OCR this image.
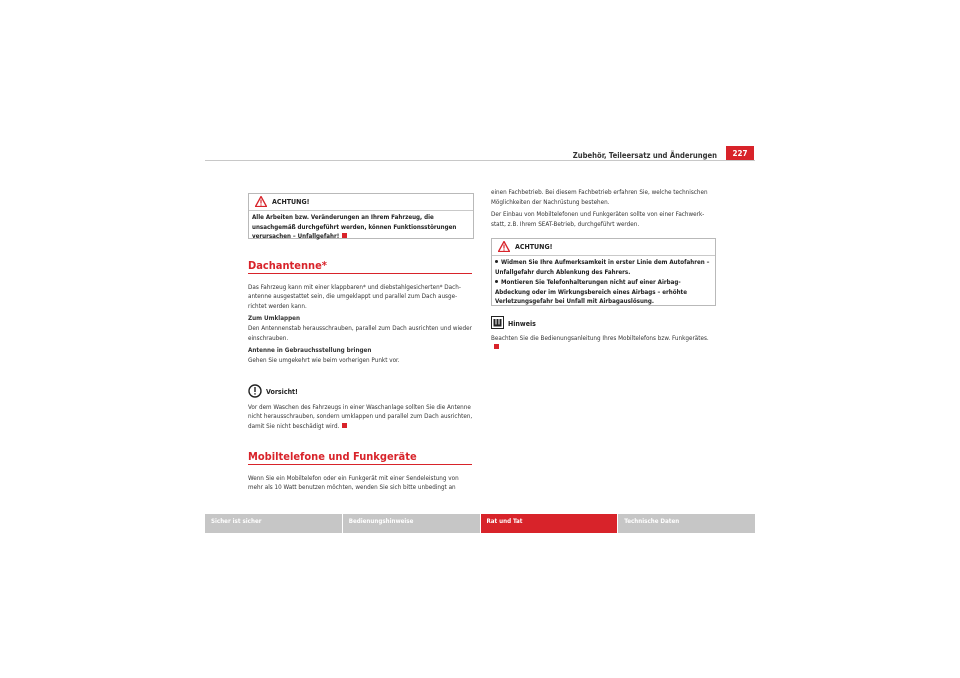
Zubehör, Teileersatz und Änderungen	227
ACHTUNG!
Alle Arbeiten bzw. Veränderungen an Ihrem Fahrzeug, die unsachgemäß durchgeführt werden, können Funktionsstörungen verursachen – Unfallgefahr!
Dachantenne*

Das Fahrzeug kann mit einer klappbaren* und diebstahlgesicherten* Dach-antenne ausgestattet sein, die umgeklappt und parallel zum Dach ausge-richtet werden kann.

Zum Umklappen

Den Antennenstab herausschrauben, parallel zum Dach ausrichten und wieder einschrauben.

Antenne in Gebrauchsstellung bringen

Gehen Sie umgekehrt wie beim vorherigen Punkt vor.

Vorsicht!

Vor dem Waschen des Fahrzeugs in einer Waschanlage sollten Sie die Antenne nicht herausschrauben, sondern umklappen und parallel zum Dach ausrichten, damit Sie nicht beschädigt wird.

Mobiltelefone und Funkgeräte

Wenn Sie ein Mobiltelefon oder ein Funkgerät mit einer Sendeleistung von mehr als 10 Watt benutzen möchten, wenden Sie sich bitte unbedingt an

einen Fachbetrieb. Bei diesem Fachbetrieb erfahren Sie, welche technischen Möglichkeiten der Nachrüstung bestehen.

Der Einbau von Mobiltelefonen und Funkgeräten sollte von einer Fachwerk-statt, z.B. Ihrem SEAT-Betrieb, durchgeführt werden.

ACHTUNG!
Widmen Sie Ihre Aufmerksamkeit in erster Linie dem Autofahren – Unfallgefahr durch Ablenkung des Fahrers.
Montieren Sie Telefonhalterungen nicht auf einer Airbag-Abdeckung oder im Wirkungsbereich eines Airbags – erhöhte Verletzungsgefahr bei Unfall mit Airbagauslösung.
Hinweis

Beachten Sie die Bedienungsanleitung Ihres Mobiltelefons bzw. Funkgerätes.

Sicher ist sicher	Bedienungshinweise	Rat und Tat	Technische Daten
